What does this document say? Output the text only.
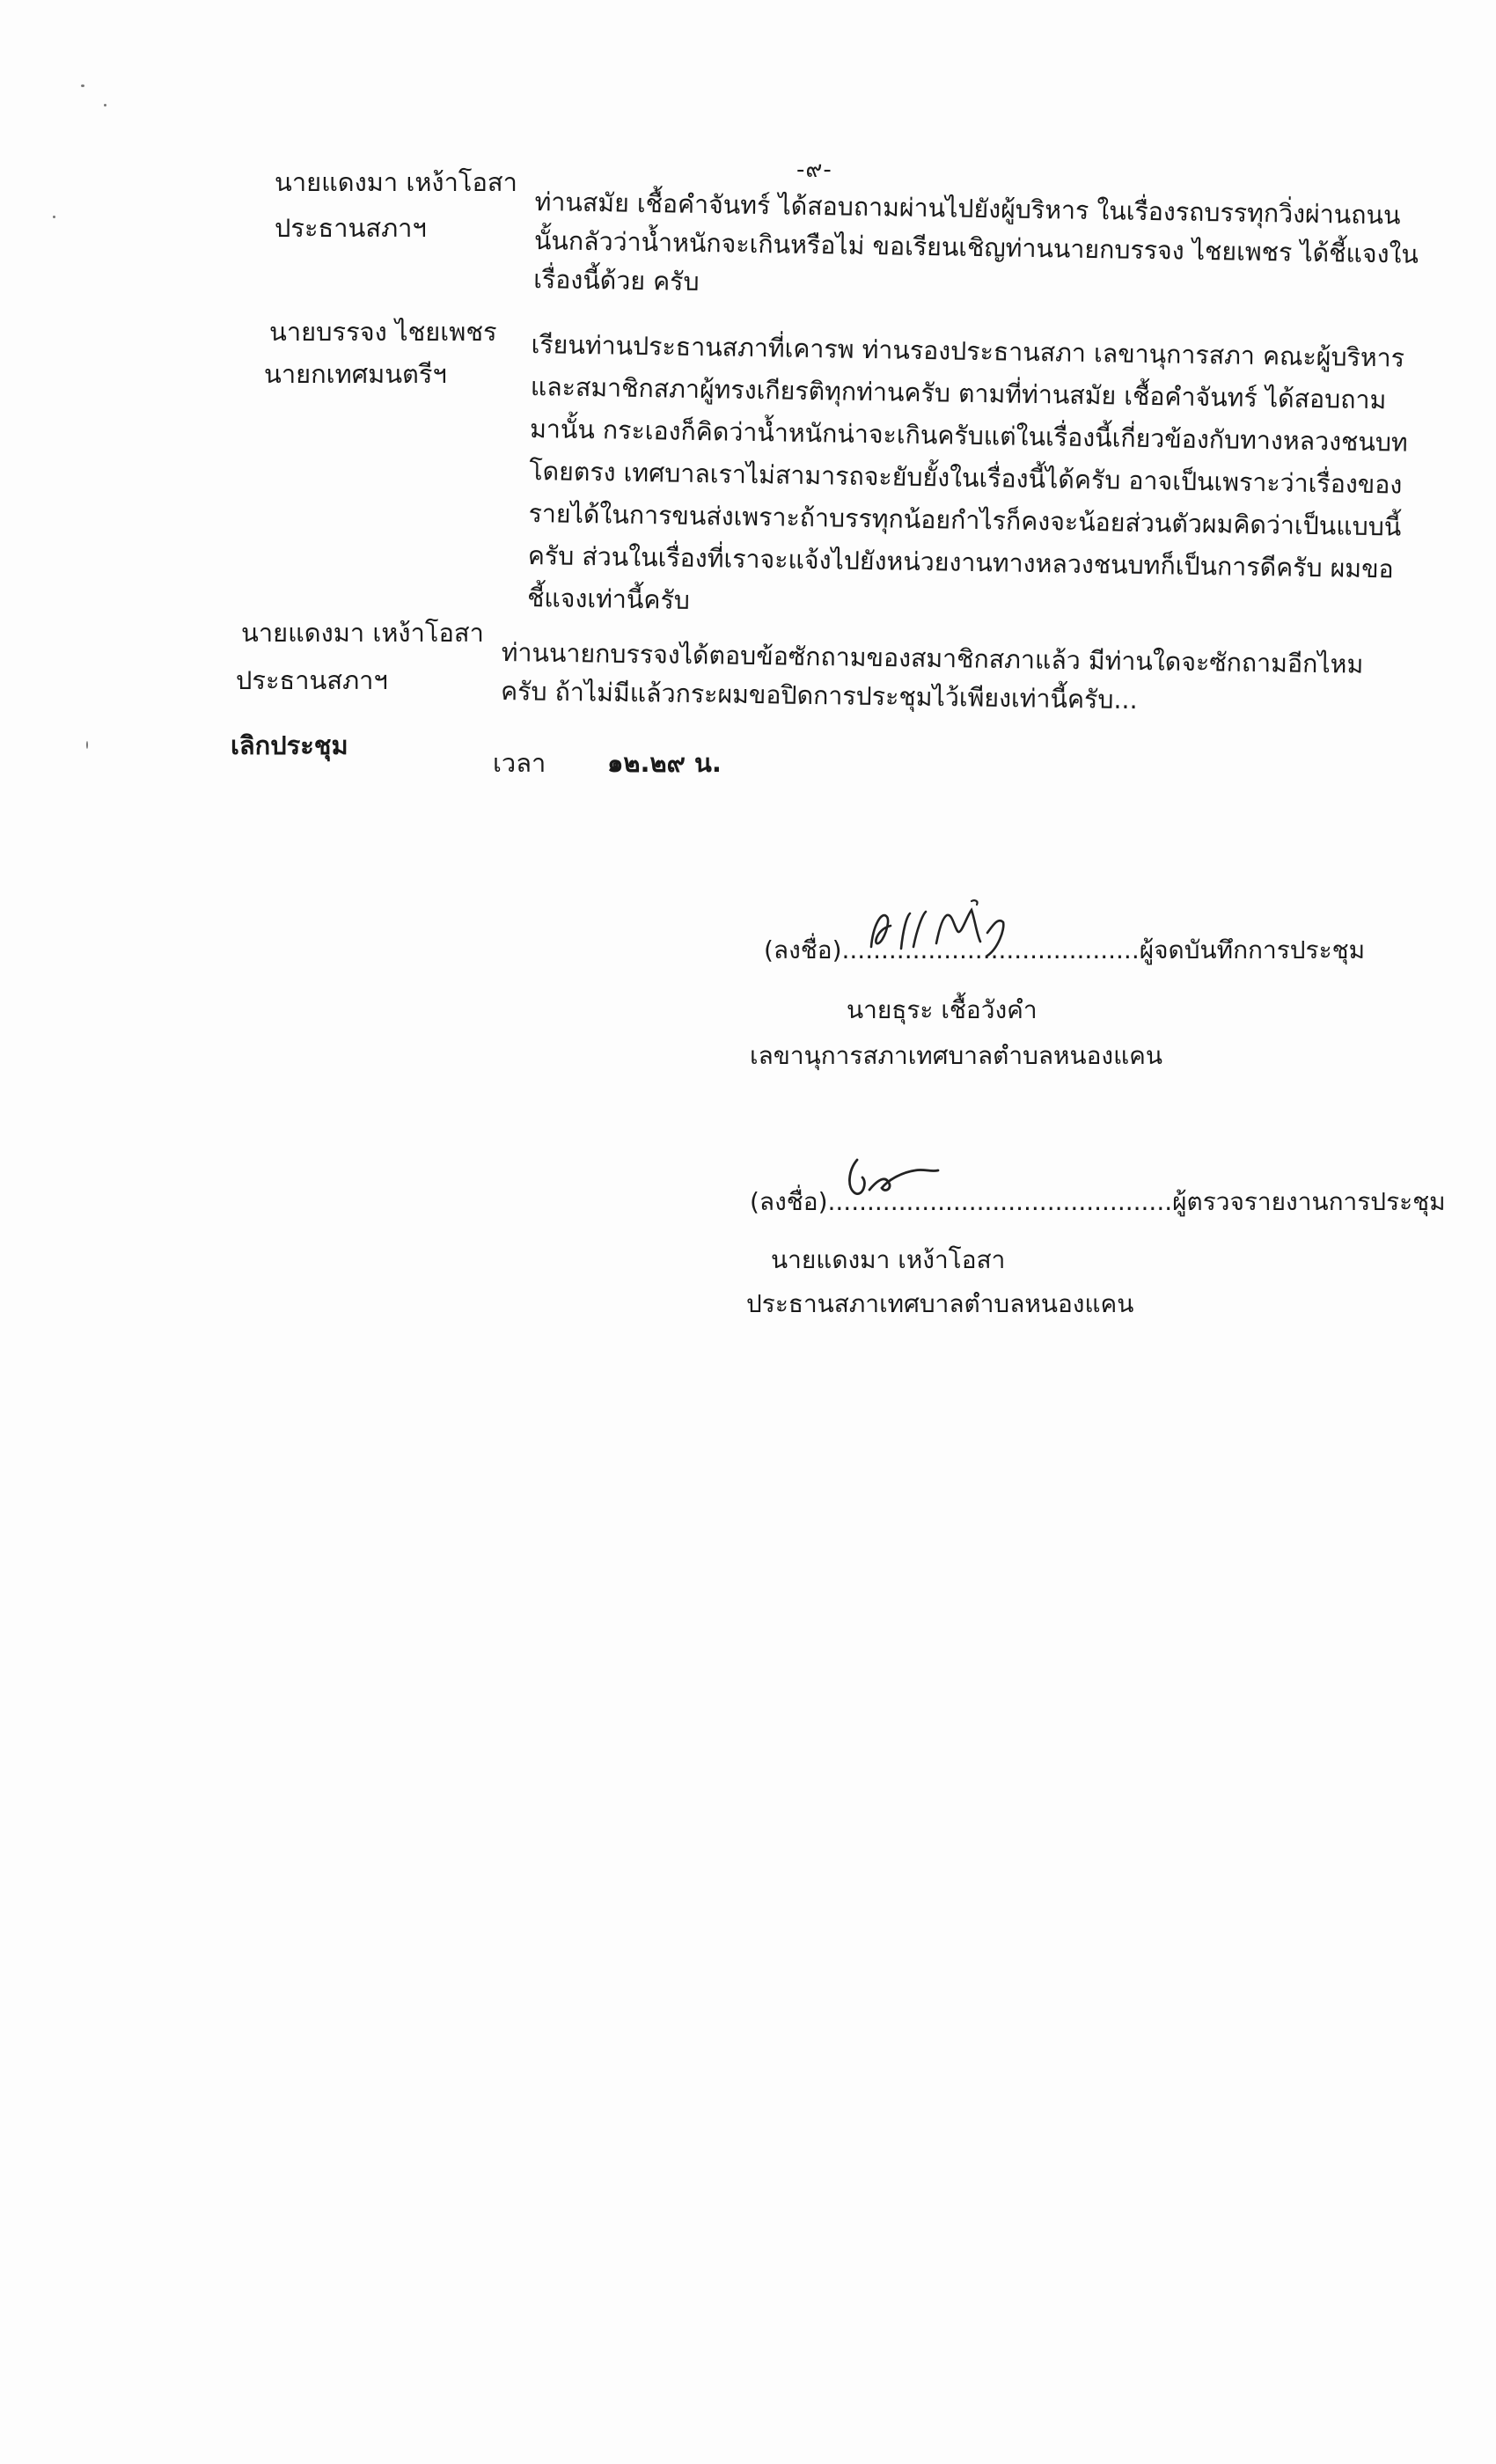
-๙-
นายแดงมา เหง้าโอสา
ประธานสภาฯ	ท่านสมัย เชื้อคำจันทร์ ได้สอบถามผ่านไปยังผู้บริหาร ในเรื่องรถบรรทุกวิ่งผ่านถนน
นั้นกลัวว่าน้ำหนักจะเกินหรือไม่ ขอเรียนเชิญท่านนายกบรรจง ไชยเพชร ได้ชี้แจงใน
เรื่องนี้ด้วย ครับ
นายบรรจง ไชยเพชร
นายกเทศมนตรีฯ
เรียนท่านประธานสภาที่เคารพ ท่านรองประธานสภา เลขานุการสภา คณะผู้บริหาร
และสมาชิกสภาผู้ทรงเกียรติทุกท่านครับ ตามที่ท่านสมัย เชื้อคำจันทร์ ได้สอบถาม
มานั้น กระเองก็คิดว่าน้ำหนักน่าจะเกินครับแต่ในเรื่องนี้เกี่ยวข้องกับทางหลวงชนบท
โดยตรง เทศบาลเราไม่สามารถจะยับยั้งในเรื่องนี้ได้ครับ อาจเป็นเพราะว่าเรื่องของ
รายได้ในการขนส่งเพราะถ้าบรรทุกน้อยกำไรก็คงจะน้อยส่วนตัวผมคิดว่าเป็นแบบนี้
ครับ ส่วนในเรื่องที่เราจะแจ้งไปยังหน่วยงานทางหลวงชนบทก็เป็นการดีครับ ผมขอ
ชี้แจงเท่านี้ครับ
นายแดงมา เหง้าโอสา
ประธานสภาฯ
ท่านนายกบรรจงได้ตอบข้อซักถามของสมาชิกสภาแล้ว มีท่านใดจะซักถามอีกไหม
ครับ ถ้าไม่มีแล้วกระผมขอปิดการประชุมไว้เพียงเท่านี้ครับ...
เลิกประชุม
เวลา ๑๒.๒๙ น.
(ลงชื่อ)......................................ผู้จดบันทึกการประชุม
นายธุระ เชื้อวังคำ
เลขานุการสภาเทศบาลตำบลหนองแคน
(ลงชื่อ)............................................ผู้ตรวจรายงานการประชุม
นายแดงมา เหง้าโอสา
ประธานสภาเทศบาลตำบลหนองแคน
